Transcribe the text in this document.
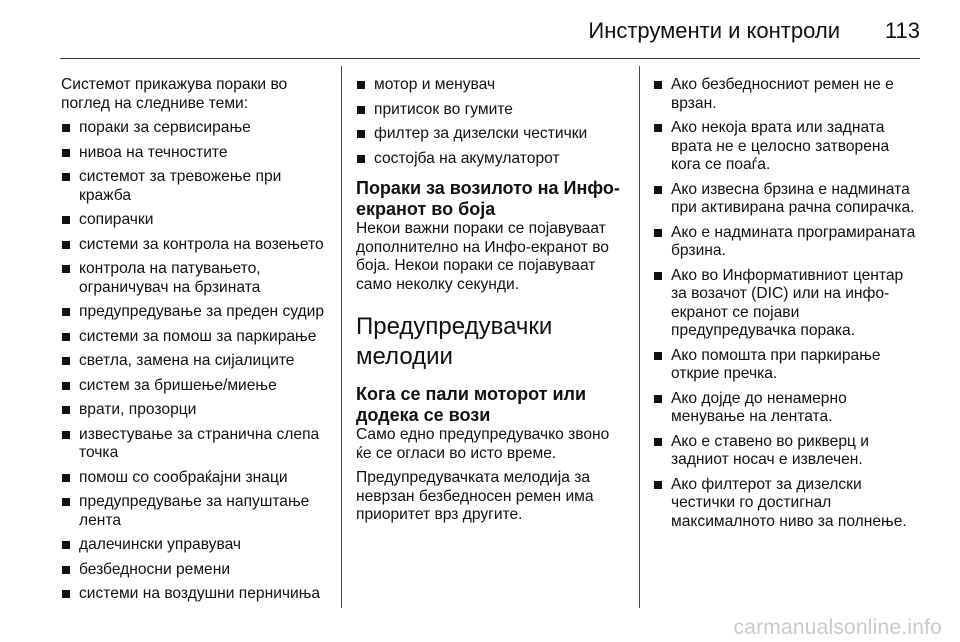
Инструменти и контроли 113

Системот прикажува пораки во поглед на следниве теми:

пораки за сервисирање
нивоа на течностите
системот за тревожење при кражба
сопирачки
системи за контрола на возењето
контрола на патувањето, ограничувач на брзината
предупредување за преден судир
системи за помош за паркирање
светла, замена на сијалиците
систем за бришење/миење
врати, прозорци
известување за странична слепа точка
помош со сообраќајни знаци
предупредување за напуштање лента
далечински управувач
безбедносни ремени
системи на воздушни перничиња
мотор и менувач
притисок во гумите
филтер за дизелски честички
состојба на акумулаторот
Пораки за возилото на Инфо-екранот во боја

Некои важни пораки се појавуваат дополнително на Инфо-екранот во боја. Некои пораки се појавуваат само неколку секунди.

Предупредувачки мелодии
Кога се пали моторот или додека се вози

Само едно предупредувачко звоно ќе се огласи во исто време.

Предупредувачката мелодија за неврзан безбедносен ремен има приоритет врз другите.

Ако безбедносниот ремен не е врзан.
Ако некоја врата или задната врата не е целосно затворена кога се поаѓа.
Ако извесна брзина е надмината при активирана рачна сопирачка.
Ако е надмината програмираната брзина.
Ако во Информативниот центар за возачот (DIC) или на инфо-екранот се појави предупредувачка порака.
Ако помошта при паркирање открие пречка.
Ако дојде до ненамерно менување на лентата.
Ако е ставено во рикверц и задниот носач е извлечен.
Ако филтерот за дизелски честички го достигнал максималното ниво за полнење.
carmanualsonline.info
